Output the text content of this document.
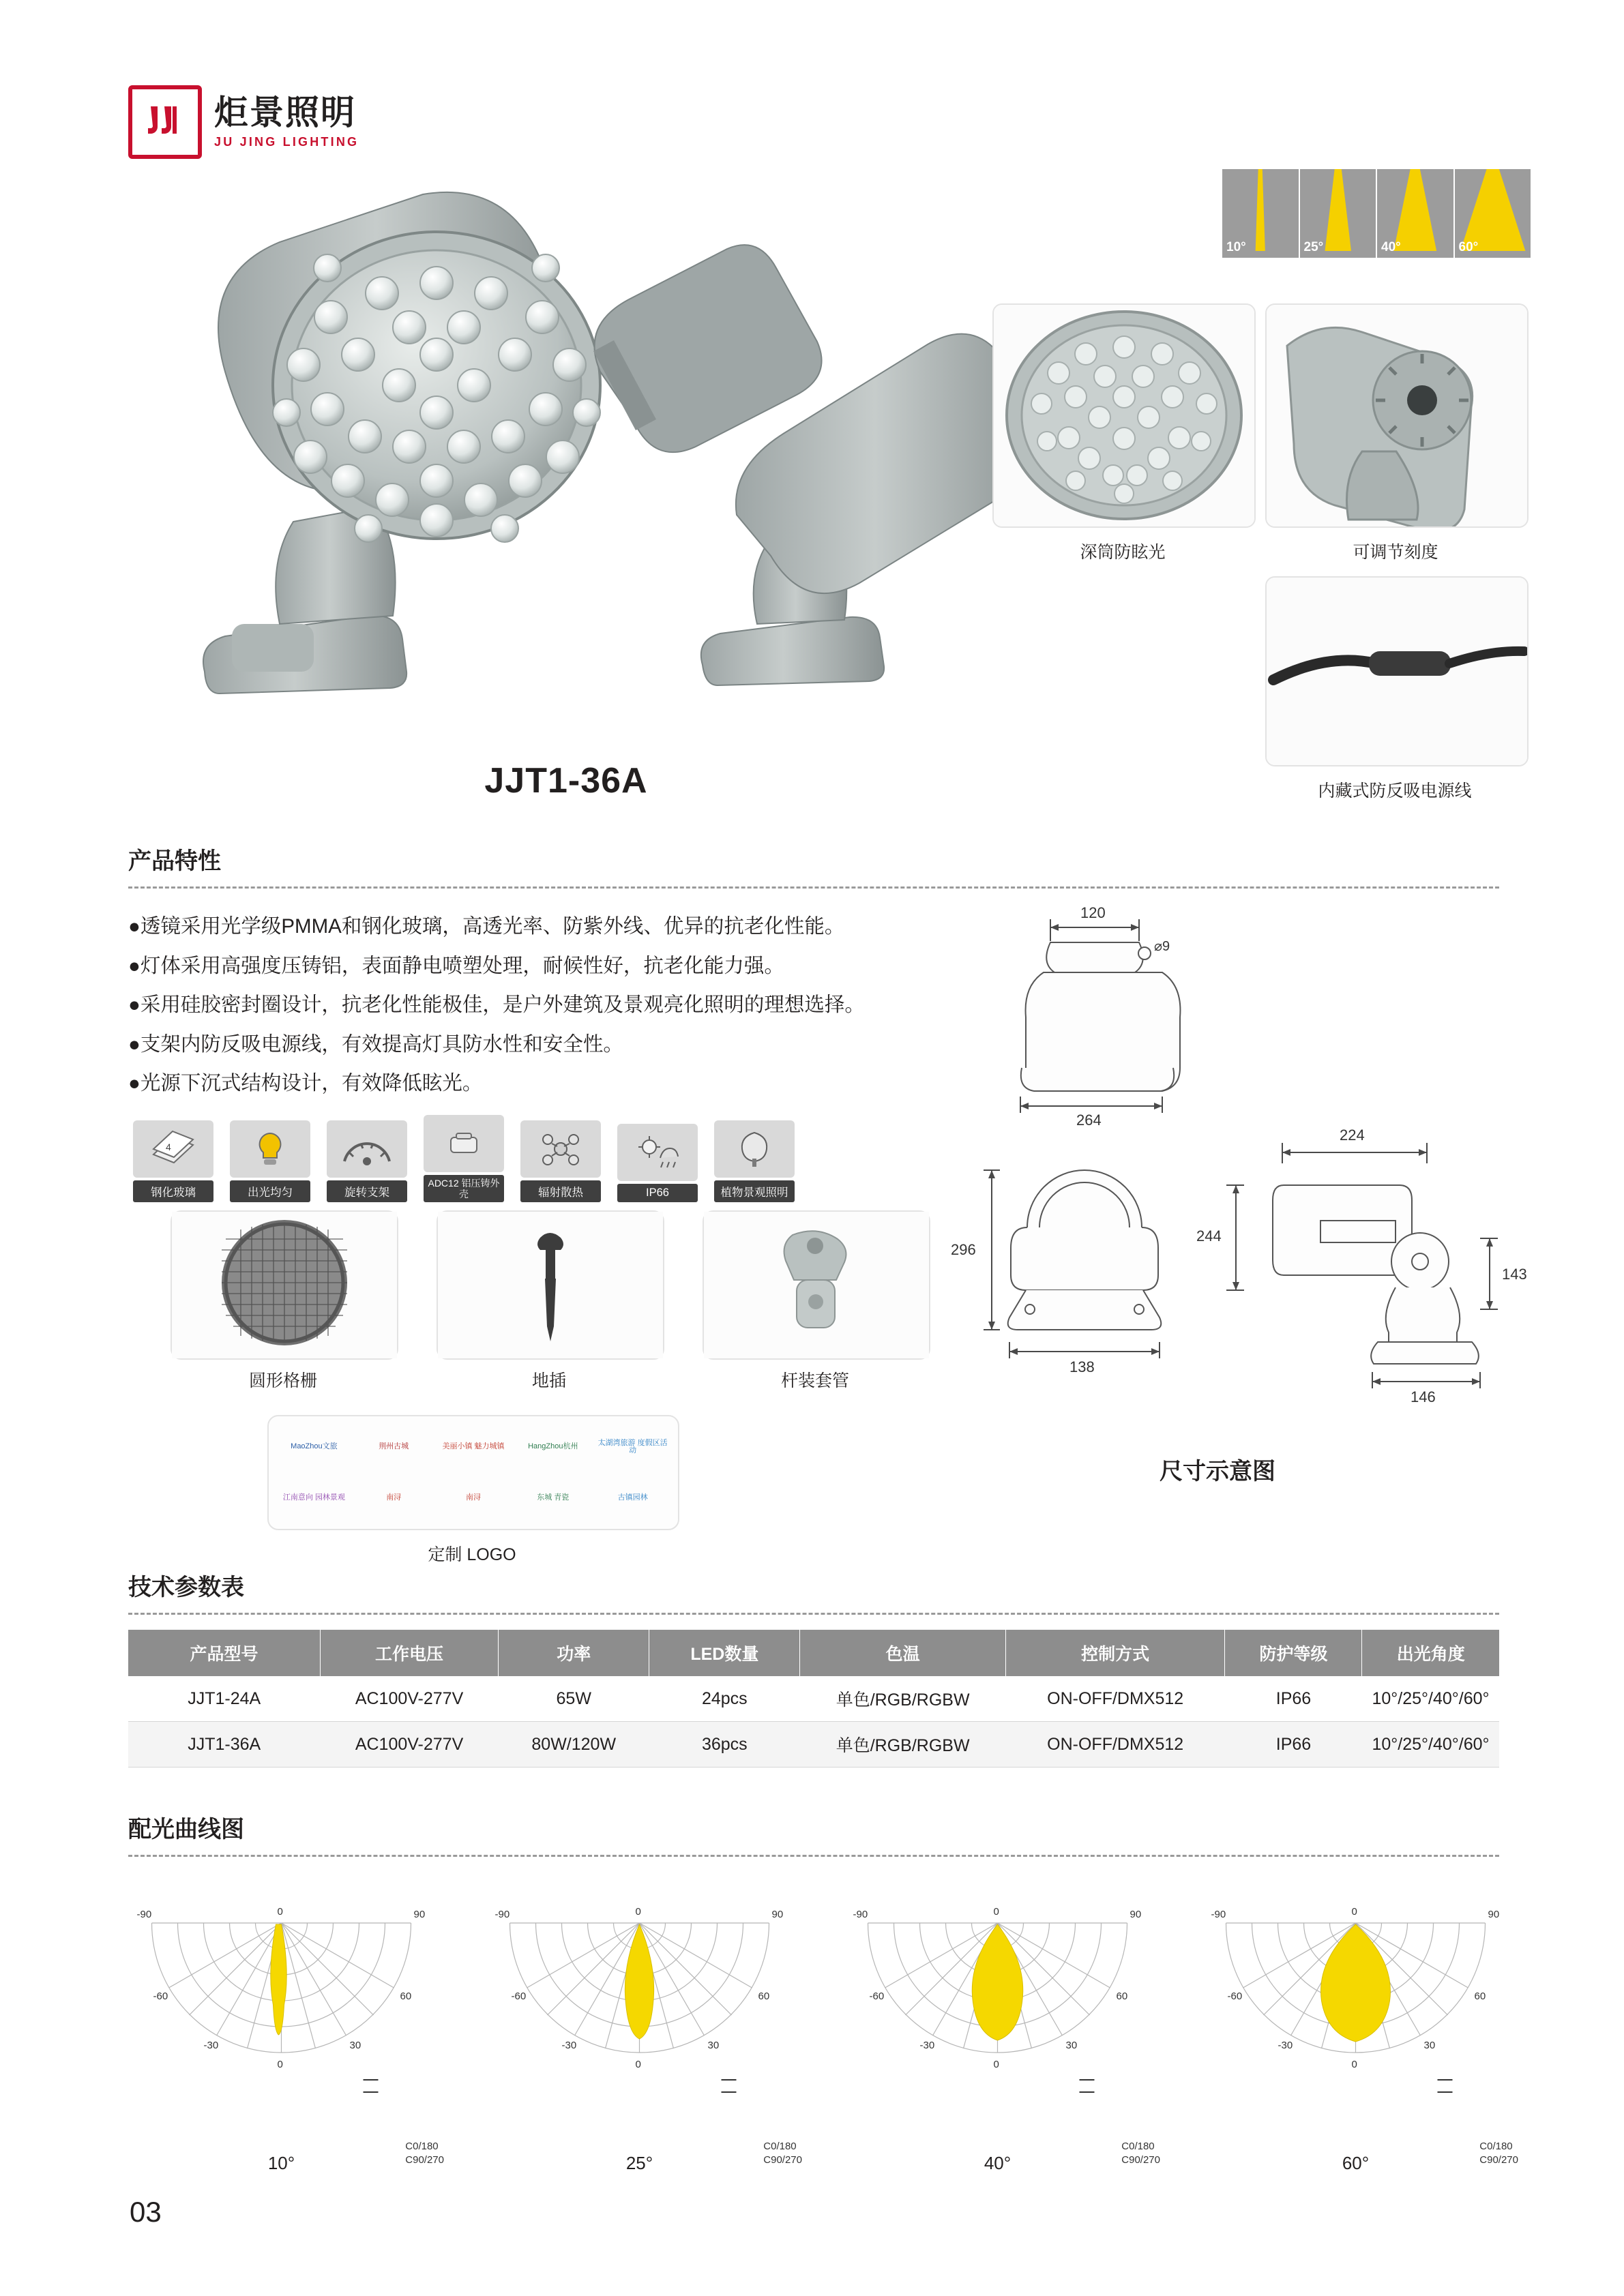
炬景照明
JU JING LIGHTING
10°	25°	40°	60°
JJT1-36A
深筒防眩光	可调节刻度
内藏式防反吸电源线
产品特性
●透镜采用光学级PMMA和钢化玻璃，高透光率、防紫外线、优异的抗老化性能。
●灯体采用高强度压铸铝，表面静电喷塑处理，耐候性好，抗老化能力强。
●采用硅胶密封圈设计，抗老化性能极佳，是户外建筑及景观亮化照明的理想选择。
●支架内防反吸电源线，有效提高灯具防水性和安全性。
●光源下沉式结构设计，有效降低眩光。
4
钢化玻璃	出光均匀	旋转支架
ADC12 铝压铸外壳	辐射散热	IP66	植物景观照明
圆形格栅	地插	杆装套管
MaoZhou文旅	荆州古城	美丽小镇 魅力城镇	HangZhou杭州	太湖湾旅游 度假区活动
江南意向 园林景观	南浔	南浔	东城 青瓷	古镇园林
定制 LOGO
120
⌀9
264
296
138
224
244
143
146
尺寸示意图
技术参数表
产品型号	工作电压	功率	LED数量	色温	控制方式	防护等级	出光角度
JJT1-24A	AC100V-277V	65W	24pcs	单色/RGB/RGBW	ON-OFF/DMX512	IP66	10°/25°/40°/60°
JJT1-36A	AC100V-277V	80W/120W	36pcs	单色/RGB/RGBW	ON-OFF/DMX512	IP66	10°/25°/40°/60°
配光曲线图
-90	90
-60	60
-30	30
0
0
C0/180
C90/270
10°
-90	90
-60	60
-30	30
0
0
C0/180
C90/270
25°
-90	90
-60	60
-30	30
0
0
C0/180
C90/270
40°
-90	90
-60	60
-30	30
0
0
C0/180
C90/270
60°
03
